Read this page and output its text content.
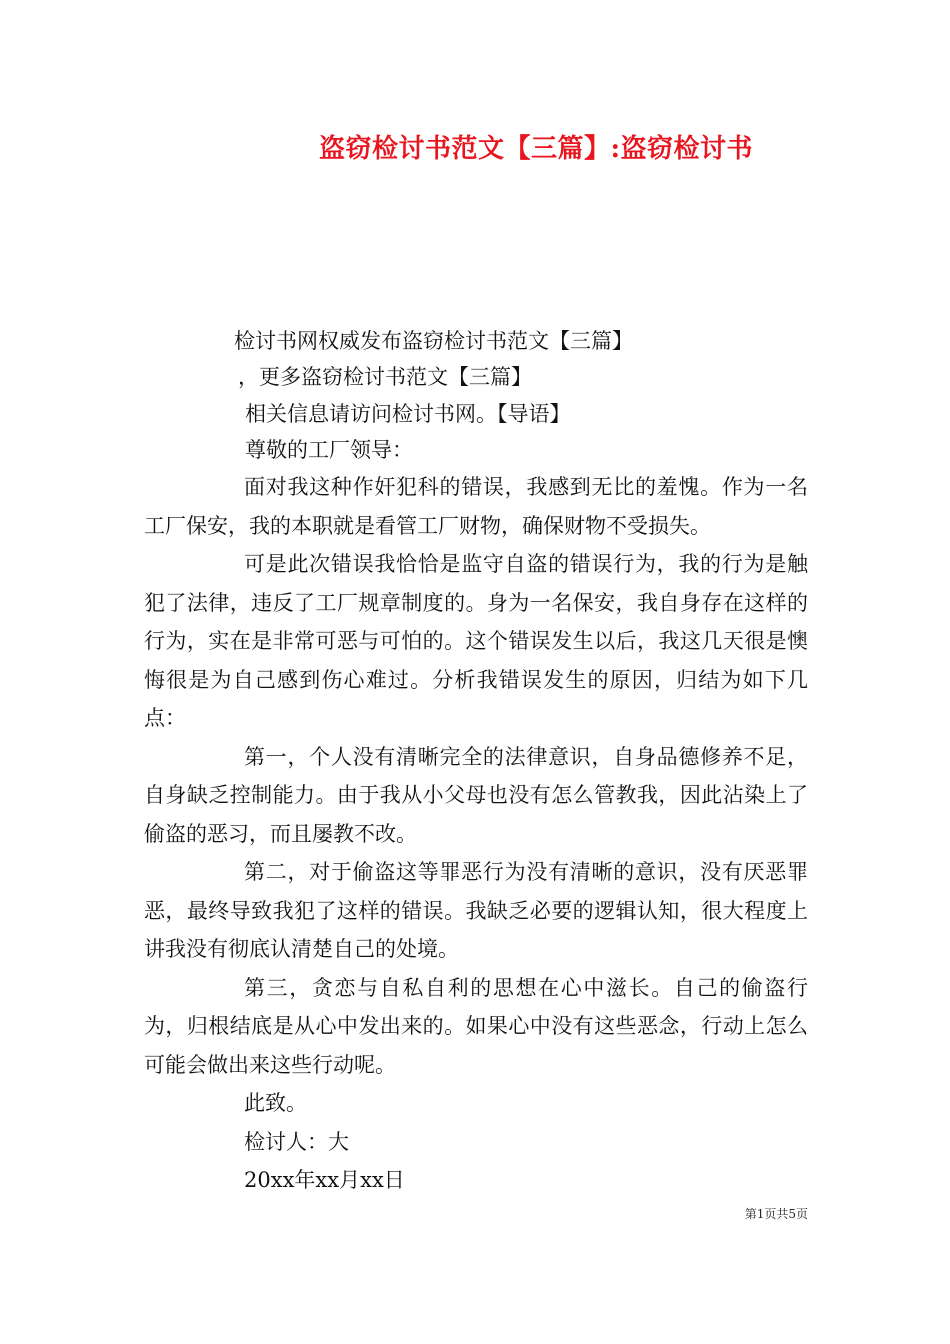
盗窃检讨书范文【三篇】:盗窃检讨书
检讨书网权威发布盗窃检讨书范文【三篇】
，更多盗窃检讨书范文【三篇】
相关信息请访问检讨书网。【导语】
尊敬的工厂领导：

面对我这种作奸犯科的错误，我感到无比的羞愧。作为一名工厂保安，我的本职就是看管工厂财物，确保财物不受损失。

可是此次错误我恰恰是监守自盗的错误行为，我的行为是触犯了法律，违反了工厂规章制度的。身为一名保安，我自身存在这样的行为，实在是非常可恶与可怕的。这个错误发生以后，我这几天很是懊悔很是为自己感到伤心难过。分析我错误发生的原因，归结为如下几点：

第一，个人没有清晰完全的法律意识，自身品德修养不足，自身缺乏控制能力。由于我从小父母也没有怎么管教我，因此沾染上了偷盗的恶习，而且屡教不改。

第二，对于偷盗这等罪恶行为没有清晰的意识，没有厌恶罪恶，最终导致我犯了这样的错误。我缺乏必要的逻辑认知，很大程度上讲我没有彻底认清楚自己的处境。

第三，贪恋与自私自利的思想在心中滋长。自己的偷盗行为，归根结底是从心中发出来的。如果心中没有这些恶念，行动上怎么可能会做出来这些行动呢。

此致。

检讨人：大

20xx年xx月xx日

第1页共5页
